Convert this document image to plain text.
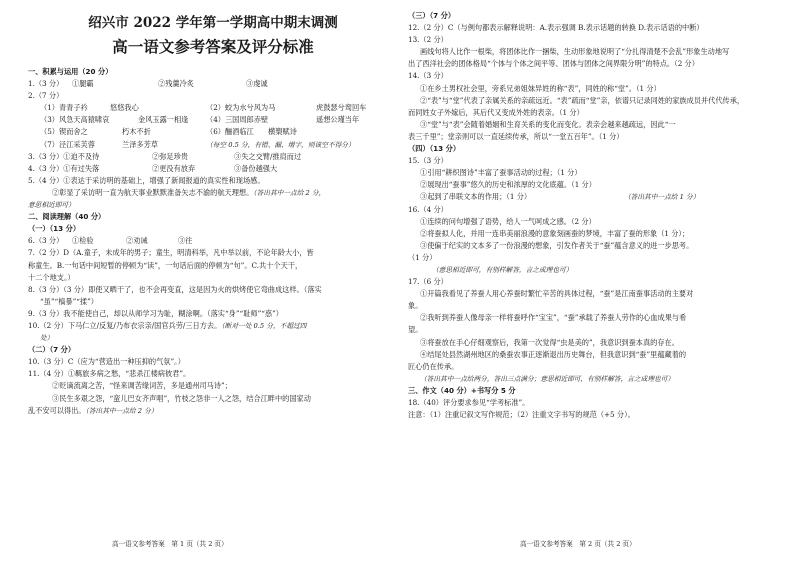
绍兴市 2022 学年第一学期高中期末调测
高一语文参考答案及评分标准
一、积累与运用（20 分）
1.（3 分） ①腿霸	②残羹冷炙	③虔诚
2.（7 分）
（1）青青子衿	悠悠我心	（2）蛟为水兮风为马	虎鼓瑟兮鸾回车
（3）风急天高猿啸哀	金风玉露一相逢 （4）三国周郎赤壁	遥想公瑾当年
（5）锲而舍之	朽木不折	（6）酾酒临江 横槊赋诗
（7）泾江采芙蓉	兰泽多芳草	（每空 0.5 分，有错、漏、增字，则该空不得分）
3.（3 分）①迫不及待	②弥足珍贵	③失之交臂/推肩而过
4.（3 分）①有过失落	②更没有放弃	③备份越强大
5.（4 分）①表达于采访明的基础上，增强了新闻报道的真实性和现场感。
②彰显了采访明一直为航天事业默默准备矢志不渝的航天理想。（答出其中一点给 2 分，
意思相近即可）
二、阅读理解（40 分）
（一）（13 分）
6.（3 分） ①检验	②劝诫	③往
7.（2 分）D（A.童子，未成年的男子；童生，明清科举，凡中举以前，不论年龄大小，皆
称童生。B.一句话中间短暂的停顿为“读”，一句话后面的停顿为“句”。C.共十个天干，
十二个地支。）
8.（3 分）（3 分）即使又晒干了，也不会再变直，这是因为火的烘烤使它弯曲成这样。（落实
“虽”“槁暴”“揉”）
9.（3 分）我不能使自己，却以从师学习为耻，糊涂啊。（落实“身”“耻师”“惑”）
10.（2 分）下马仁立/反复/乃布衣宗亲/国官兵劳/三日方去。（断对一处 0.5 分，不超过四
处）
（二）（7 分）
10.（3 分）C（应为“营造出一种压抑的气氛”。）
11.（4 分）①羁旅多病之愁，“悲杀江楼病彼君”。
②贬谪流离之苦，“怪来调苦缘词苦，多是通州司马诗”；
③民生多艰之怨，“蛮儿巴女齐声唱”，竹枝之怨非一人之怨，结合江畔中的国家动
乱不安可以得出。（答出其中一点给 2 分）
高一语文参考答案　第 1 页（共 2 页）
（三）（7 分）
12.（2 分）C（与例句都表示解释说明：A.表示强调 B.表示话题的转换 D.表示话语的中断）
13.（2 分）
画线句将人比作一根柴，将团体比作一捆柴，生动形象地说明了“分扎得清楚不会乱”形象生动地写
出了西洋社会的团体格局“个体与个体之间平等、团体与团体之间界限分明”的特点。（2 分）
14.（3 分）
①在乡土男权社会里，旁系兄弟姐妹异姓的称“表”，同姓的称“堂”。（1 分）
②“表”与“堂”代表了亲属关系的亲疏远近。“表”疏而“堂”亲，依谱只记录同姓的家族成员并代代传承，
而同姓女子外嫁后，其后代又变成外姓的表亲。（1 分）
③“堂”与“表”会随着婚姻和生育关系的变化而变化。表亲会越来越疏远，因此“一
表三千里”；堂亲则可以一直延续传承，所以“一堂五百年”。（1 分）
（四）（13 分）
15.（3 分）
①引用“耕织图诗”丰富了蚕事活动的过程；（1 分）
②展现出“蚕事”悠久的历史和浓厚的文化底蕴。（1 分）
③起到了串联文本的作用；（1 分）	（答出其中一点给 1 分）
16.（4 分）
①连续的问句增强了语势，给人一气呵成之感。（2 分）
②将蚕拟人化，并用一连串美丽浪漫的意象刻画蚕的梦境，丰富了蚕的形象（1 分）；
③使偏于纪实的文本多了一份浪漫的想象，引发作者关于“蚕”蕴含意义的进一步思考。
（1 分）
（意思相近即可，有别样解答，言之成理也可）
17.（6 分）
①开篇我看见了养蚕人用心养蚕时繁忙辛苦的具体过程，“蚕”是江南蚕事活动的主要对
象。
②我听到养蚕人像母亲一样将蚕呼作“宝宝”，“蚕”承载了养蚕人劳作的心血成果与希
望。
③将蚕放在手心仔细观察后，我第一次觉得“虫是美的”，我意识到蚕本真的存在。
④结尾处县然湖州地区的桑蚕农事正逐渐退出历史舞台，但我意识到“蚕”里蕴藏着的
匠心仍在传承。
（答出其中一点给两分，答出三点满分；意思相近即可，有别样解答，言之成理也可）
三、作文（40 分）+书写分 5 分
18.（40）评分要求参见“学考标准”。
注意：（1）注重记叙文写作规范；（2）注重文字书写的规范（+5 分）。
高一语文参考答案　第 2 页（共 2 页）
